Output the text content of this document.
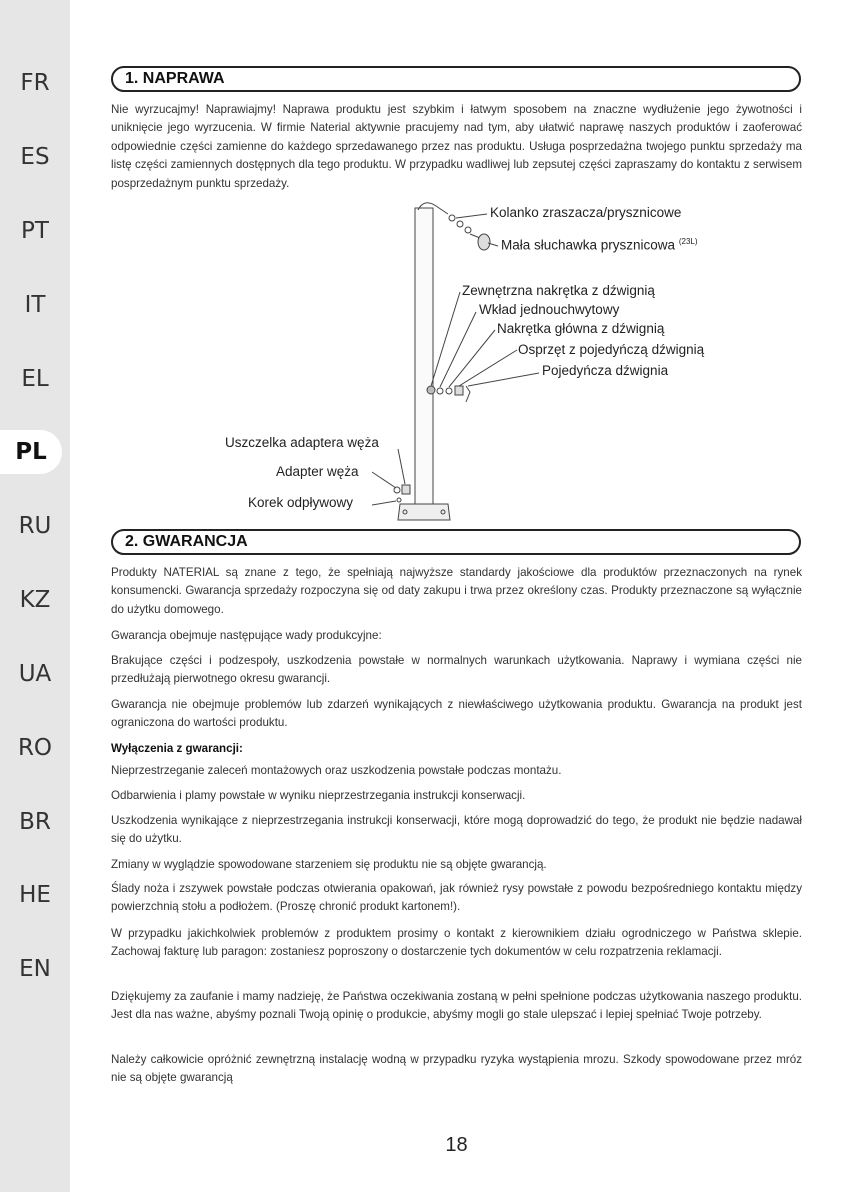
FR
ES
PT
IT
EL
PL
RU
KZ
UA
RO
BR
HE
EN
1. NAPRAWA
Nie wyrzucajmy! Naprawiajmy! Naprawa produktu jest szybkim i łatwym sposobem na znaczne wydłużenie jego żywotności i uniknięcie jego wyrzucenia. W firmie Naterial aktywnie pracujemy nad tym, aby ułatwić naprawę naszych produktów i zaoferować odpowiednie części zamienne do każdego sprzedawanego przez nas produktu. Usługa posprzedażna twojego punktu sprzedaży ma listę części zamiennych dostępnych dla tego produktu. W przypadku wadliwej lub zepsutej części zapraszamy do kontaktu z serwisem posprzedażnym punktu sprzedaży.
Kolanko zraszacza/prysznicowe
Mała słuchawka prysznicowa $^{(23L)}$
Zewnętrzna nakrętka z dźwignią
Wkład jednouchwytowy
Nakrętka główna z dźwignią
Osprzęt z pojedyńczą dźwignią
Pojedyńcza dźwignia
Uszczelka adaptera węża
Adapter węża
Korek odpływowy
2. GWARANCJA
Produkty NATERIAL są znane z tego, że spełniają najwyższe standardy jakościowe dla produktów przeznaczonych na rynek konsumencki. Gwarancja sprzedaży rozpoczyna się od daty zakupu i trwa przez określony czas. Produkty przeznaczone są wyłącznie do użytku domowego.
Gwarancja obejmuje następujące wady produkcyjne:
Brakujące części i podzespoły, uszkodzenia powstałe w normalnych warunkach użytkowania. Naprawy i wymiana części nie przedłużają pierwotnego okresu gwarancji.
Gwarancja nie obejmuje problemów lub zdarzeń wynikających z niewłaściwego użytkowania produktu. Gwarancja na produkt jest ograniczona do wartości produktu.
Wyłączenia z gwarancji:
Nieprzestrzeganie zaleceń montażowych oraz uszkodzenia powstałe podczas montażu.
Odbarwienia i plamy powstałe w wyniku nieprzestrzegania instrukcji konserwacji.
Uszkodzenia wynikające z nieprzestrzegania instrukcji konserwacji, które mogą doprowadzić do tego, że produkt nie będzie nadawał się do użytku.
Zmiany w wyglądzie spowodowane starzeniem się produktu nie są objęte gwarancją.
Ślady noża i zszywek powstałe podczas otwierania opakowań, jak również rysy powstałe z powodu bezpośredniego kontaktu między powierzchnią stołu a podłożem. (Proszę chronić produkt kartonem!).
W przypadku jakichkolwiek problemów z produktem prosimy o kontakt z kierownikiem działu ogrodniczego w Państwa sklepie. Zachowaj fakturę lub paragon: zostaniesz poproszony o dostarczenie tych dokumentów w celu rozpatrzenia reklamacji.
Dziękujemy za zaufanie i mamy nadzieję, że Państwa oczekiwania zostaną w pełni spełnione podczas użytkowania naszego produktu. Jest dla nas ważne, abyśmy poznali Twoją opinię o produkcie, abyśmy mogli go stale ulepszać i lepiej spełniać Twoje potrzeby.
Należy całkowicie opróżnić zewnętrzną instalację wodną w przypadku ryzyka wystąpienia mrozu. Szkody spowodowane przez mróz nie są objęte gwarancją
18
